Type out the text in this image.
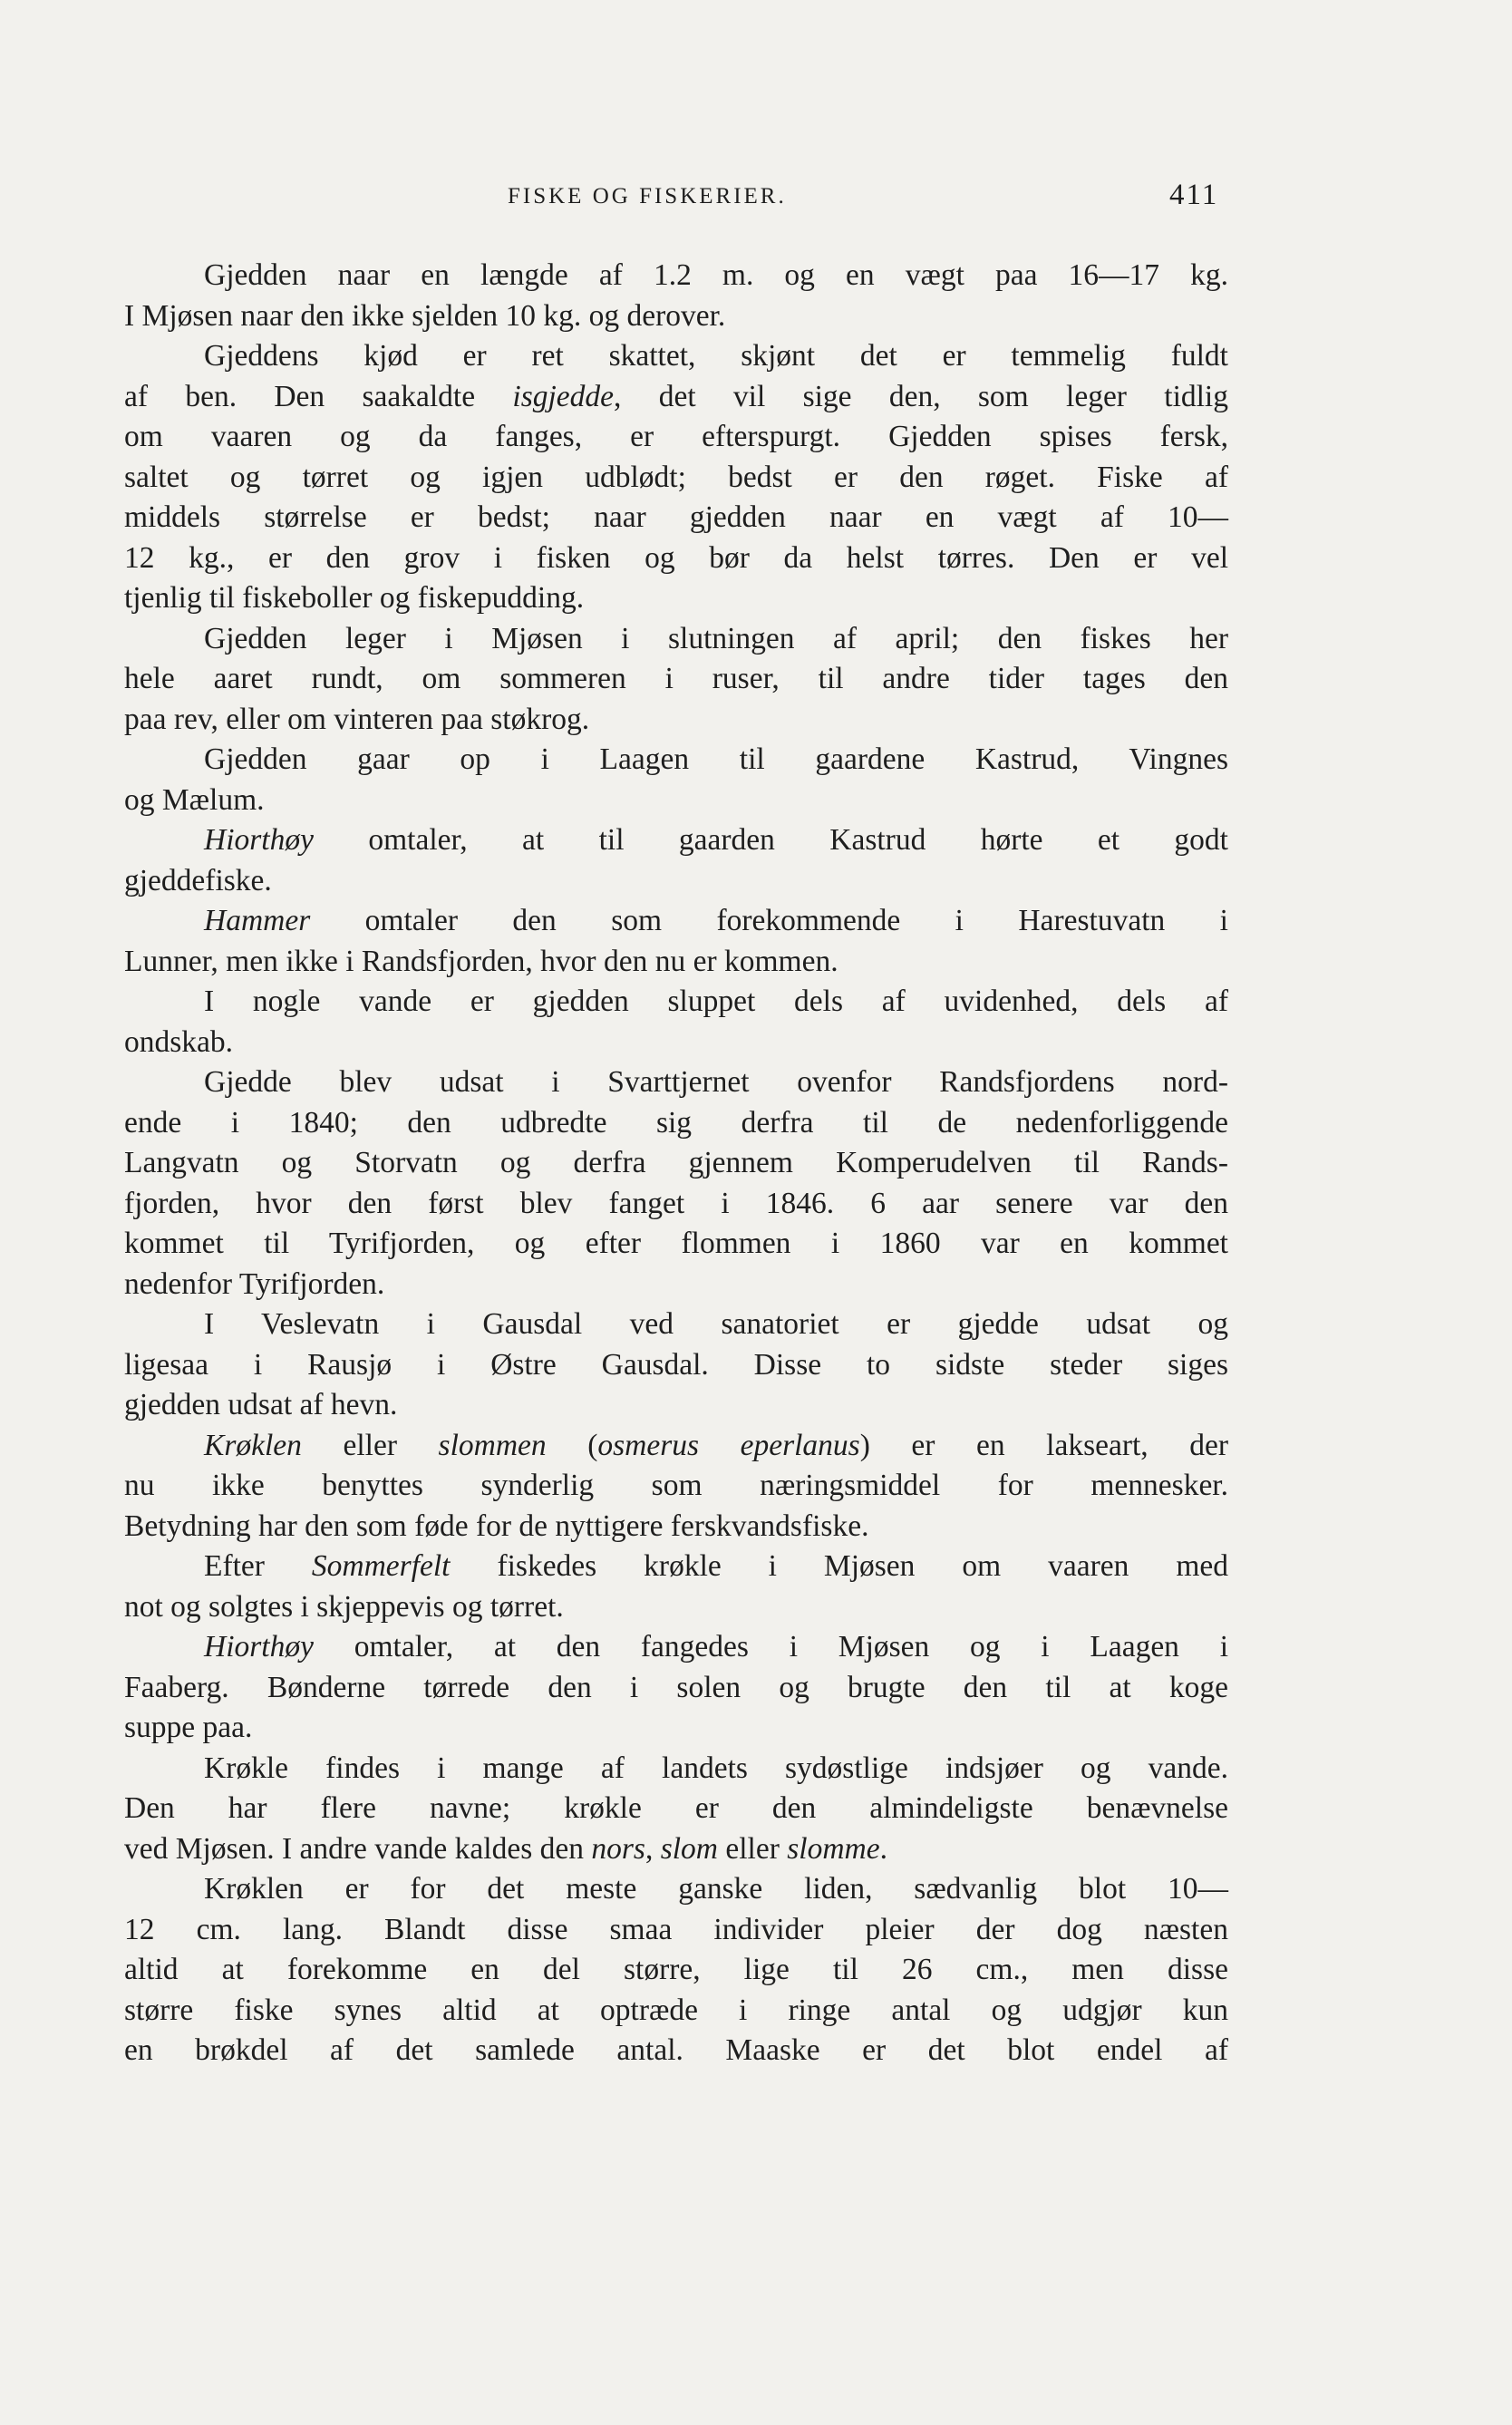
FISKE OG FISKERIER.	411
Gjedden naar en længde af 1.2 m. og en vægt paa 16—17 kg.
I Mjøsen naar den ikke sjelden 10 kg. og derover.
Gjeddens kjød er ret skattet, skjønt det er temmelig fuldt
af ben. Den saakaldte isgjedde, det vil sige den, som leger tidlig
om vaaren og da fanges, er efterspurgt. Gjedden spises fersk,
saltet og tørret og igjen udblødt; bedst er den røget. Fiske af
middels størrelse er bedst; naar gjedden naar en vægt af 10—
12 kg., er den grov i fisken og bør da helst tørres. Den er vel
tjenlig til fiskeboller og fiskepudding.
Gjedden leger i Mjøsen i slutningen af april; den fiskes her
hele aaret rundt, om sommeren i ruser, til andre tider tages den
paa rev, eller om vinteren paa støkrog.
Gjedden gaar op i Laagen til gaardene Kastrud, Vingnes
og Mælum.
Hiorthøy omtaler, at til gaarden Kastrud hørte et godt
gjeddefiske.
Hammer omtaler den som forekommende i Harestuvatn i
Lunner, men ikke i Randsfjorden, hvor den nu er kommen.
I nogle vande er gjedden sluppet dels af uvidenhed, dels af
ondskab.
Gjedde blev udsat i Svarttjernet ovenfor Randsfjordens nord-
ende i 1840; den udbredte sig derfra til de nedenforliggende
Langvatn og Storvatn og derfra gjennem Komperudelven til Rands-
fjorden, hvor den først blev fanget i 1846. 6 aar senere var den
kommet til Tyrifjorden, og efter flommen i 1860 var en kommet
nedenfor Tyrifjorden.
I Veslevatn i Gausdal ved sanatoriet er gjedde udsat og
ligesaa i Rausjø i Østre Gausdal. Disse to sidste steder siges
gjedden udsat af hevn.
Krøklen eller slommen (osmerus eperlanus) er en lakseart, der
nu ikke benyttes synderlig som næringsmiddel for mennesker.
Betydning har den som føde for de nyttigere ferskvandsfiske.
Efter Sommerfelt fiskedes krøkle i Mjøsen om vaaren med
not og solgtes i skjeppevis og tørret.
Hiorthøy omtaler, at den fangedes i Mjøsen og i Laagen i
Faaberg. Bønderne tørrede den i solen og brugte den til at koge
suppe paa.
Krøkle findes i mange af landets sydøstlige indsjøer og vande.
Den har flere navne; krøkle er den almindeligste benævnelse
ved Mjøsen. I andre vande kaldes den nors, slom eller slomme.
Krøklen er for det meste ganske liden, sædvanlig blot 10—
12 cm. lang. Blandt disse smaa individer pleier der dog næsten
altid at forekomme en del større, lige til 26 cm., men disse
større fiske synes altid at optræde i ringe antal og udgjør kun
en brøkdel af det samlede antal. Maaske er det blot endel af
